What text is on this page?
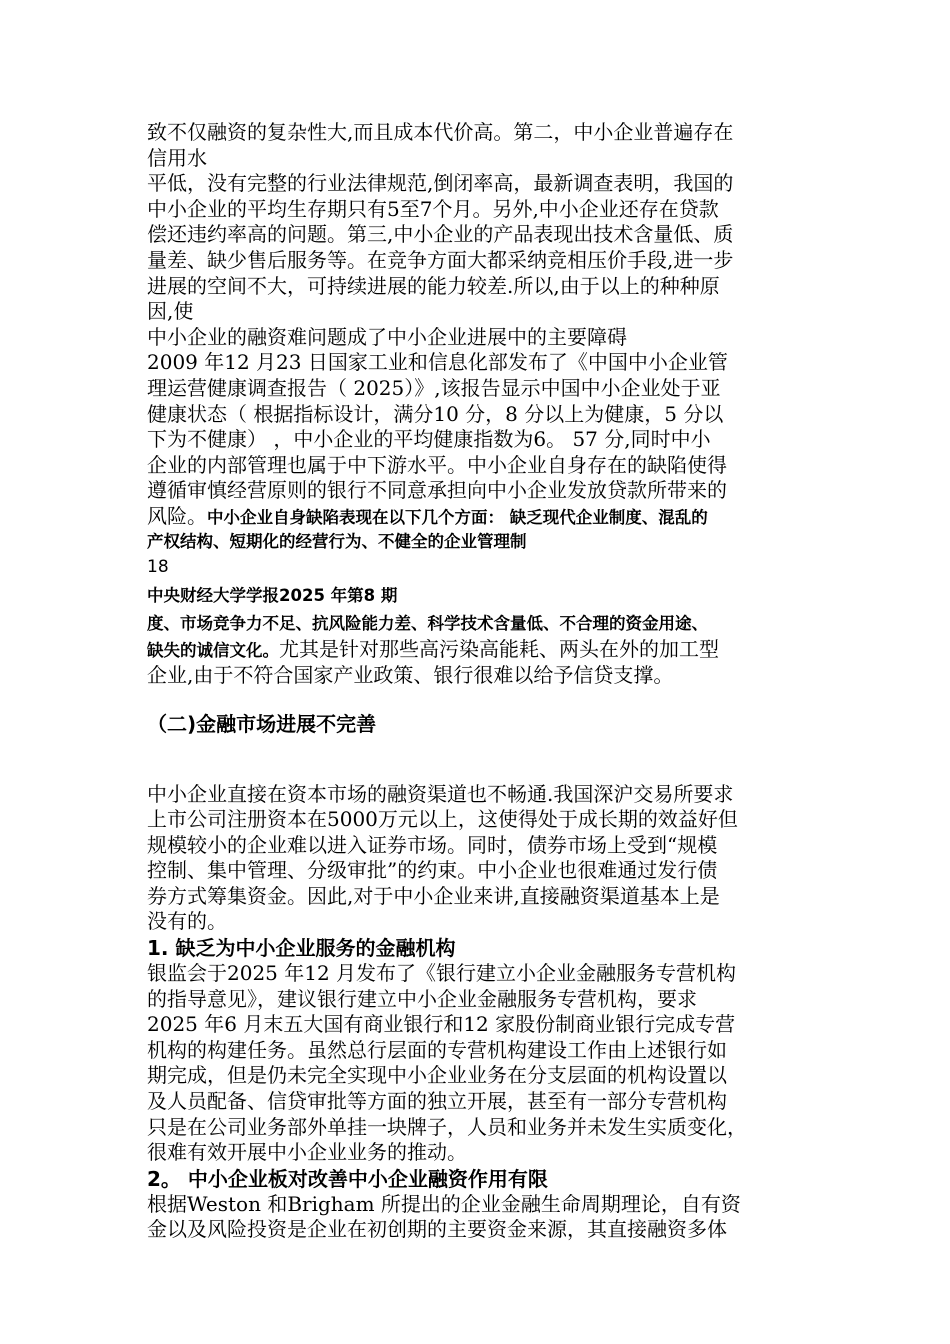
致不仅融资的复杂性大,而且成本代价高。第二，中小企业普遍存在

信用水

平低，没有完整的行业法律规范,倒闭率高，最新调查表明，我国的

中小企业的平均生存期只有5至7个月。另外,中小企业还存在贷款

偿还违约率高的问题。第三,中小企业的产品表现出技术含量低、质

量差、缺少售后服务等。在竞争方面大都采纳竞相压价手段,进一步

进展的空间不大，可持续进展的能力较差.所以,由于以上的种种原

因,使

中小企业的融资难问题成了中小企业进展中的主要障碍

2009 年12 月23 日国家工业和信息化部发布了《中国中小企业管

理运营健康调查报告（ 2025）》,该报告显示中国中小企业处于亚

健康状态（ 根据指标设计，满分10 分，8 分以上为健康，5 分以

下为不健康） ，中小企业的平均健康指数为6。 57 分,同时中小

企业的内部管理也属于中下游水平。中小企业自身存在的缺陷使得

遵循审慎经营原则的银行不同意承担向中小企业发放贷款所带来的

风险。中小企业自身缺陷表现在以下几个方面： 缺乏现代企业制度、混乱的

产权结构、短期化的经营行为、不健全的企业管理制

18

中央财经大学学报2025 年第8 期

度、市场竞争力不足、抗风险能力差、科学技术含量低、不合理的资金用途、

缺失的诚信文化。尤其是针对那些高污染高能耗、两头在外的加工型

企业,由于不符合国家产业政策、银行很难以给予信贷支撑。

（二)金融市场进展不完善

中小企业直接在资本市场的融资渠道也不畅通.我国深沪交易所要求

上市公司注册资本在5000万元以上，这使得处于成长期的效益好但

规模较小的企业难以进入证券市场。同时，债券市场上受到“规模

控制、集中管理、分级审批”的约束。中小企业也很难通过发行债

券方式筹集资金。因此,对于中小企业来讲,直接融资渠道基本上是

没有的。

1. 缺乏为中小企业服务的金融机构

银监会于2025 年12 月发布了《银行建立小企业金融服务专营机构

的指导意见》，建议银行建立中小企业金融服务专营机构，要求

2025 年6 月末五大国有商业银行和12 家股份制商业银行完成专营

机构的构建任务。虽然总行层面的专营机构建设工作由上述银行如

期完成，但是仍未完全实现中小企业业务在分支层面的机构设置以

及人员配备、信贷审批等方面的独立开展，甚至有一部分专营机构

只是在公司业务部外单挂一块牌子，人员和业务并未发生实质变化，

很难有效开展中小企业业务的推动。

2。 中小企业板对改善中小企业融资作用有限

根据Weston 和Brigham 所提出的企业金融生命周期理论，自有资

金以及风险投资是企业在初创期的主要资金来源，其直接融资多体
